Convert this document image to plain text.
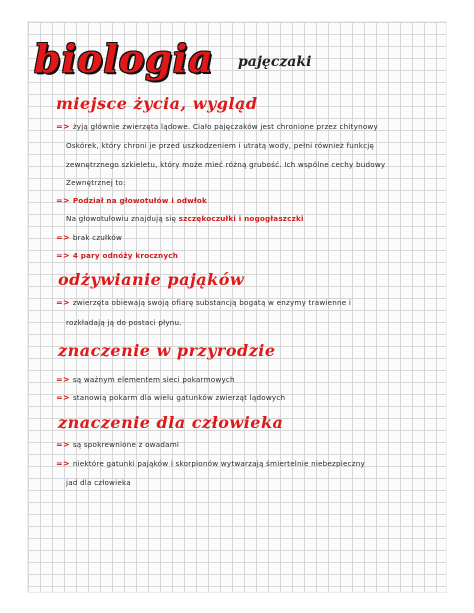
biologia pajęczaki
miejsce życia, wygląd
=> żyją głównie zwierzęta lądowe. Ciało pajęczaków jest chronione przez chitynowy
Oskórek, który chroni je przed uszkodzeniem i utratą wody, pełni również funkcję
zewnętrznego szkieletu, który może mieć różną grubość. Ich wspólne cechy budowy
Zewnętrznej to:
=> Podział na głowotułów i odwłok
Na głowotułowiu znajdują się szczękoczułki i nogogłaszczki
=> brak czułków
=> 4 pary odnóży krocznych
odżywianie pająków
=> zwierzęta obiewają swoją ofiarę substancją bogatą w enzymy trawienne i
rozkładają ją do postaci płynu.
znaczenie w przyrodzie
=> są ważnym elementem sieci pokarmowych
=> stanowią pokarm dla wielu gatunków zwierząt lądowych
znaczenie dla człowieka
=> są spokrewnione z owadami
=> niektóre gatunki pająków i skorpionów wytwarzają śmiertelnie niebezpieczny
jad dla człowieka
